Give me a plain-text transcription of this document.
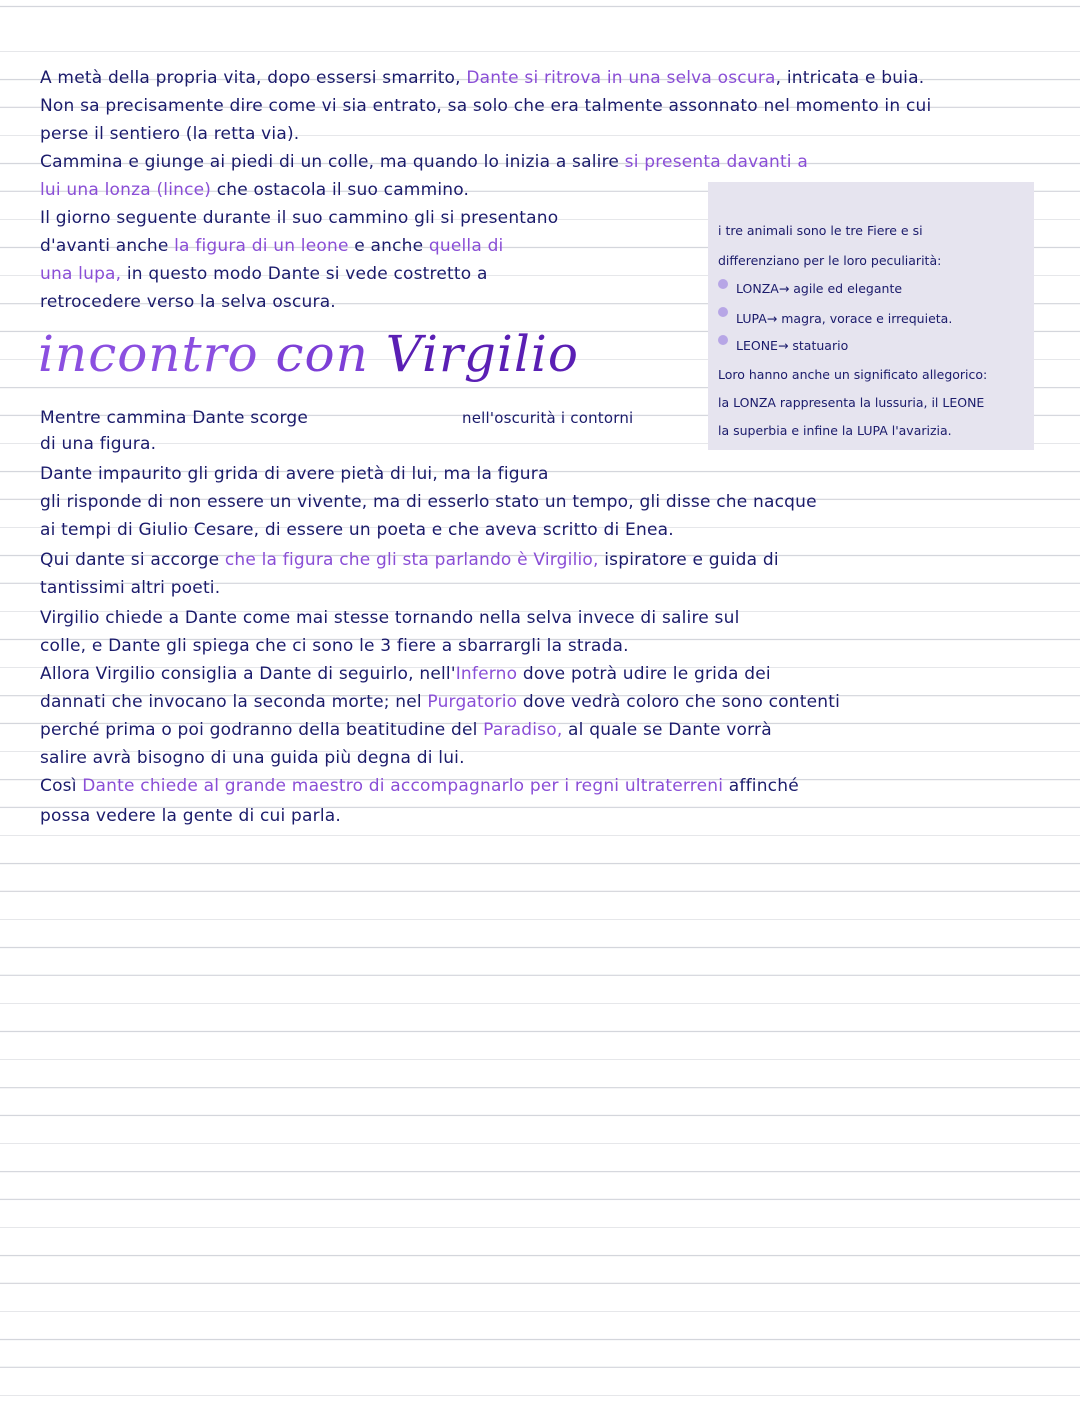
A metà della propria vita, dopo essersi smarrito, Dante si ritrova in una selva oscura, intricata e buia.
Non sa precisamente dire come vi sia entrato, sa solo che era talmente assonnato nel momento in cui
perse il sentiero (la retta via).
Cammina e giunge ai piedi di un colle, ma quando lo inizia a salire si presenta davanti a
lui una lonza (lince) che ostacola il suo cammino.
Il giorno seguente durante il suo cammino gli si presentano
d'avanti anche la figura di un leone e anche quella di
una lupa, in questo modo Dante si vede costretto a
retrocedere verso la selva oscura.
incontro con Virgilio
i tre animali sono le tre Fiere e si
differenziano per le loro peculiarità:
LONZA→ agile ed elegante
LUPA→ magra, vorace e irrequieta.
LEONE→ statuario
Loro hanno anche un significato allegorico:
la LONZA rappresenta la lussuria, il LEONE
la superbia e infine la LUPA l'avarizia.
Mentre cammina Dante scorge	nell'oscurità i contorni
di una figura.
Dante impaurito gli grida di avere pietà di lui, ma la figura
gli risponde di non essere un vivente, ma di esserlo stato un tempo, gli disse che nacque
ai tempi di Giulio Cesare, di essere un poeta e che aveva scritto di Enea.
Qui dante si accorge che la figura che gli sta parlando è Virgilio, ispiratore e guida di
tantissimi altri poeti.
Virgilio chiede a Dante come mai stesse tornando nella selva invece di salire sul
colle, e Dante gli spiega che ci sono le 3 fiere a sbarrargli la strada.
Allora Virgilio consiglia a Dante di seguirlo, nell'Inferno dove potrà udire le grida dei
dannati che invocano la seconda morte; nel Purgatorio dove vedrà coloro che sono contenti
perché prima o poi godranno della beatitudine del Paradiso, al quale se Dante vorrà
salire avrà bisogno di una guida più degna di lui.
Così Dante chiede al grande maestro di accompagnarlo per i regni ultraterreni affinché
possa vedere la gente di cui parla.
